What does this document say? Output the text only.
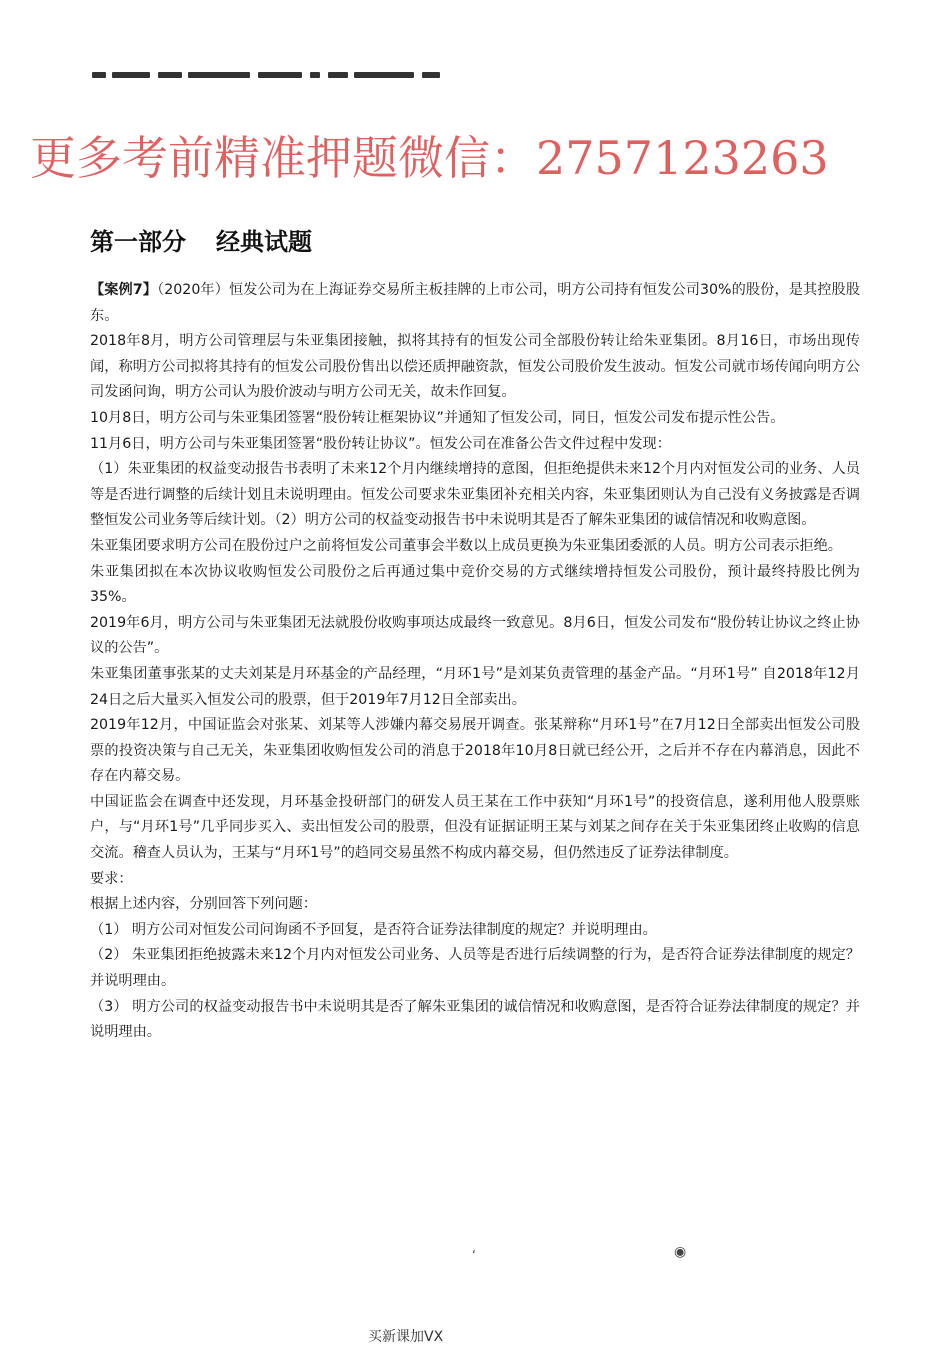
更多考前精准押题微信：2757123263
第一部分 经典试题

【案例7】（2020年）恒发公司为在上海证券交易所主板挂牌的上市公司，明方公司持有恒发公司30%的股份，是其控股股东。

2018年8月，明方公司管理层与朱亚集团接触，拟将其持有的恒发公司全部股份转让给朱亚集团。8月16日，市场出现传闻，称明方公司拟将其持有的恒发公司股份售出以偿还质押融资款，恒发公司股价发生波动。恒发公司就市场传闻向明方公司发函问询，明方公司认为股价波动与明方公司无关，故未作回复。

10月8日，明方公司与朱亚集团签署“股份转让框架协议”并通知了恒发公司，同日，恒发公司发布提示性公告。

11月6日，明方公司与朱亚集团签署“股份转让协议”。恒发公司在准备公告文件过程中发现：

（1）朱亚集团的权益变动报告书表明了未来12个月内继续增持的意图，但拒绝提供未来12个月内对恒发公司的业务、人员等是否进行调整的后续计划且未说明理由。恒发公司要求朱亚集团补充相关内容，朱亚集团则认为自己没有义务披露是否调整恒发公司业务等后续计划。（2）明方公司的权益变动报告书中未说明其是否了解朱亚集团的诚信情况和收购意图。

朱亚集团要求明方公司在股份过户之前将恒发公司董事会半数以上成员更换为朱亚集团委派的人员。明方公司表示拒绝。

朱亚集团拟在本次协议收购恒发公司股份之后再通过集中竞价交易的方式继续增持恒发公司股份，预计最终持股比例为35%。

2019年6月，明方公司与朱亚集团无法就股份收购事项达成最终一致意见。8月6日，恒发公司发布“股份转让协议之终止协议的公告”。

朱亚集团董事张某的丈夫刘某是月环基金的产品经理，“月环1号”是刘某负责管理的基金产品。“月环1号” 自2018年12月24日之后大量买入恒发公司的股票，但于2019年7月12日全部卖出。

2019年12月，中国证监会对张某、刘某等人涉嫌内幕交易展开调查。张某辩称“月环1号”在7月12日全部卖出恒发公司股票的投资决策与自己无关，朱亚集团收购恒发公司的消息于2018年10月8日就已经公开，之后并不存在内幕消息，因此不存在内幕交易。

中国证监会在调查中还发现，月环基金投研部门的研发人员王某在工作中获知“月环1号”的投资信息，遂利用他人股票账户，与“月环1号”几乎同步买入、卖出恒发公司的股票，但没有证据证明王某与刘某之间存在关于朱亚集团终止收购的信息交流。稽查人员认为，王某与“月环1号”的趋同交易虽然不构成内幕交易，但仍然违反了证券法律制度。

要求：

根据上述内容，分别回答下列问题：

（1） 明方公司对恒发公司问询函不予回复，是否符合证券法律制度的规定？并说明理由。

（2） 朱亚集团拒绝披露未来12个月内对恒发公司业务、人员等是否进行后续调整的行为，是否符合证券法律制度的规定？并说明理由。

（3） 明方公司的权益变动报告书中未说明其是否了解朱亚集团的诚信情况和收购意图，是否符合证券法律制度的规定？并说明理由。

‘	◉
买新课加VX
